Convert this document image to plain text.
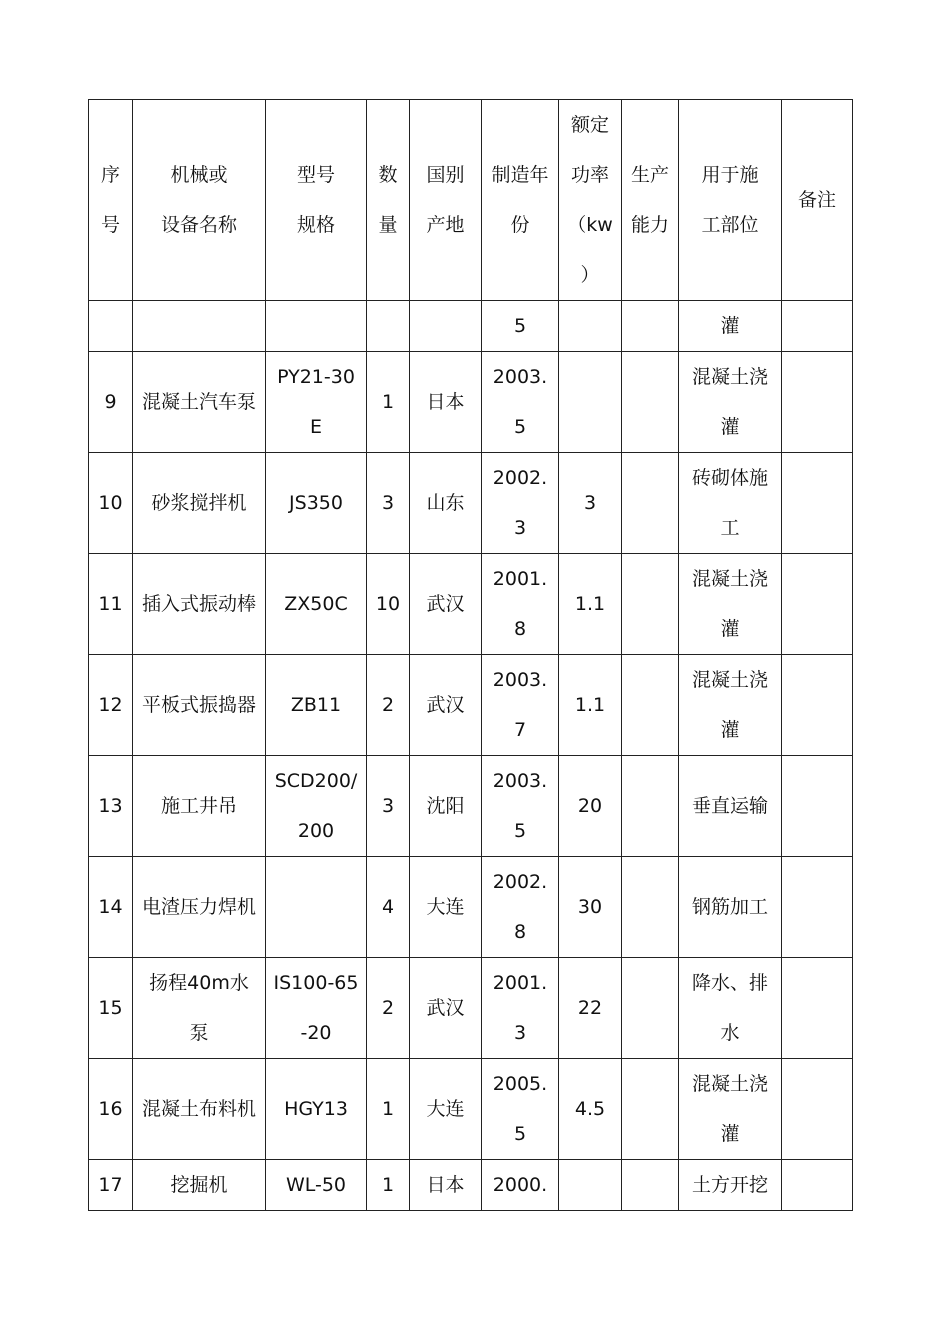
序
号	机械或
设备名称	型号
规格	数
量	国别
产地	制造年
份	额定
功率
（kw
）	生产
能力	用于施
工部位	备注

					5			灌	

9	混凝土汽车泵	PY21-30
E	1	日本	2003.
5			混凝土浇
灌	

10	砂浆搅拌机	JS350	3	山东	2002.
3	3		砖砌体施
工	

11	插入式振动棒	ZX50C	10	武汉	2001.
8	1.1		混凝土浇
灌	

12	平板式振捣器	ZB11	2	武汉	2003.
7	1.1		混凝土浇
灌	

13	施工井吊	SCD200/
200	3	沈阳	2003.
5	20		垂直运输	

14	电渣压力焊机		4	大连	2002.
8	30		钢筋加工	

15	扬程40m水
泵	IS100-65
-20	2	武汉	2001.
3	22		降水、排
水	

16	混凝土布料机	HGY13	1	大连	2005.
5	4.5		混凝土浇
灌	

17	挖掘机	WL-50	1	日本	2000.			土方开挖	
